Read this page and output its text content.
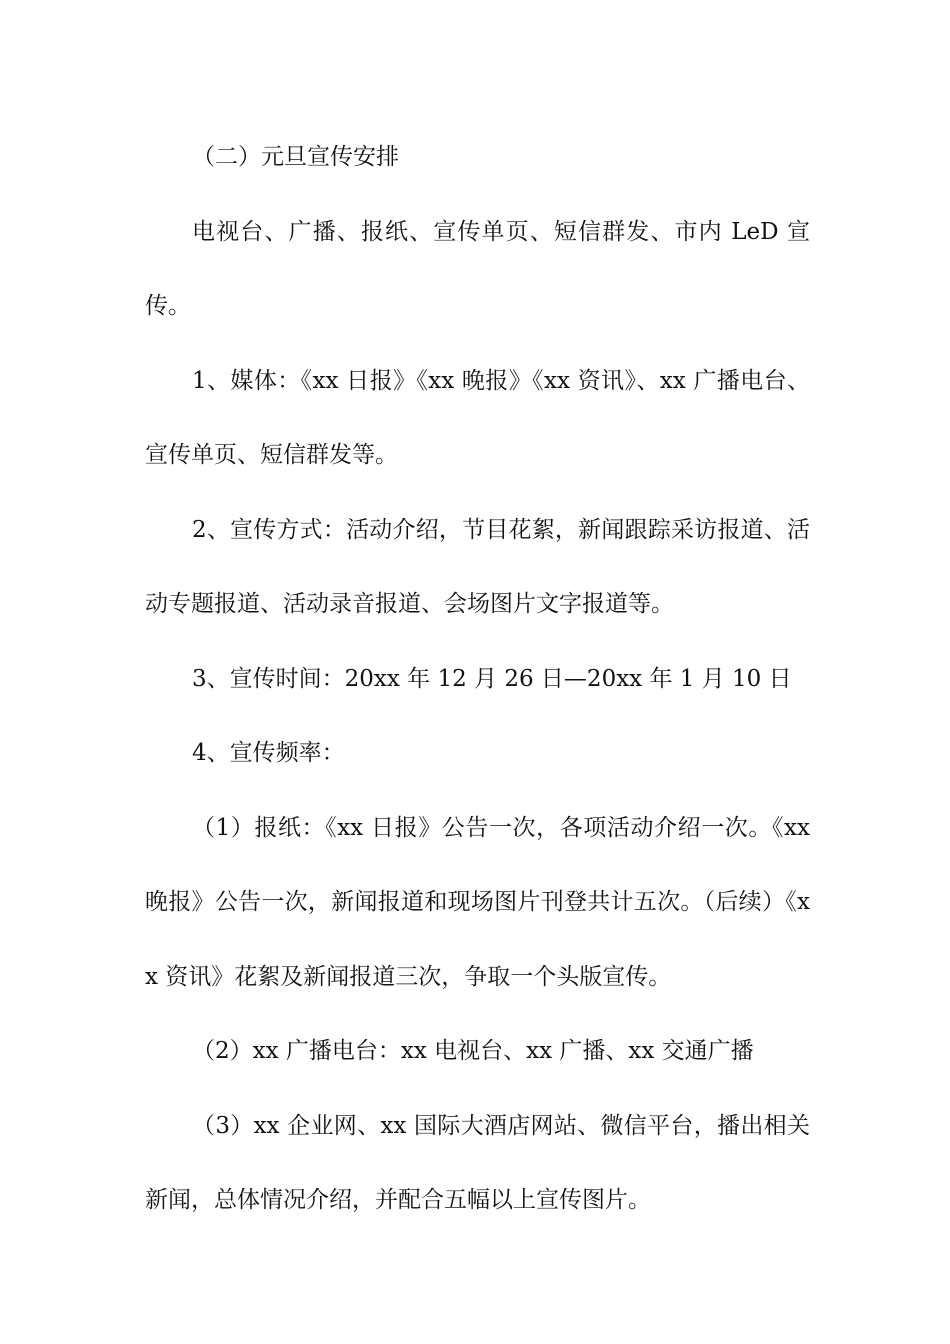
（二）元旦宣传安排

电视台、广播、报纸、宣传单页、短信群发、市内 LeD 宣传。

1、媒体：《xx 日报》《xx 晚报》《xx 资讯》、xx 广播电台、宣传单页、短信群发等。

2、宣传方式：活动介绍，节目花絮，新闻跟踪采访报道、活动专题报道、活动录音报道、会场图片文字报道等。

3、宣传时间：20xx 年 12 月 26 日—20xx 年 1 月 10 日

4、宣传频率：

（1）报纸：《xx 日报》公告一次，各项活动介绍一次。《xx 晚报》公告一次，新闻报道和现场图片刊登共计五次。（后续）《xx 资讯》花絮及新闻报道三次，争取一个头版宣传。

（2）xx 广播电台：xx 电视台、xx 广播、xx 交通广播

（3）xx 企业网、xx 国际大酒店网站、微信平台，播出相关新闻，总体情况介绍，并配合五幅以上宣传图片。
